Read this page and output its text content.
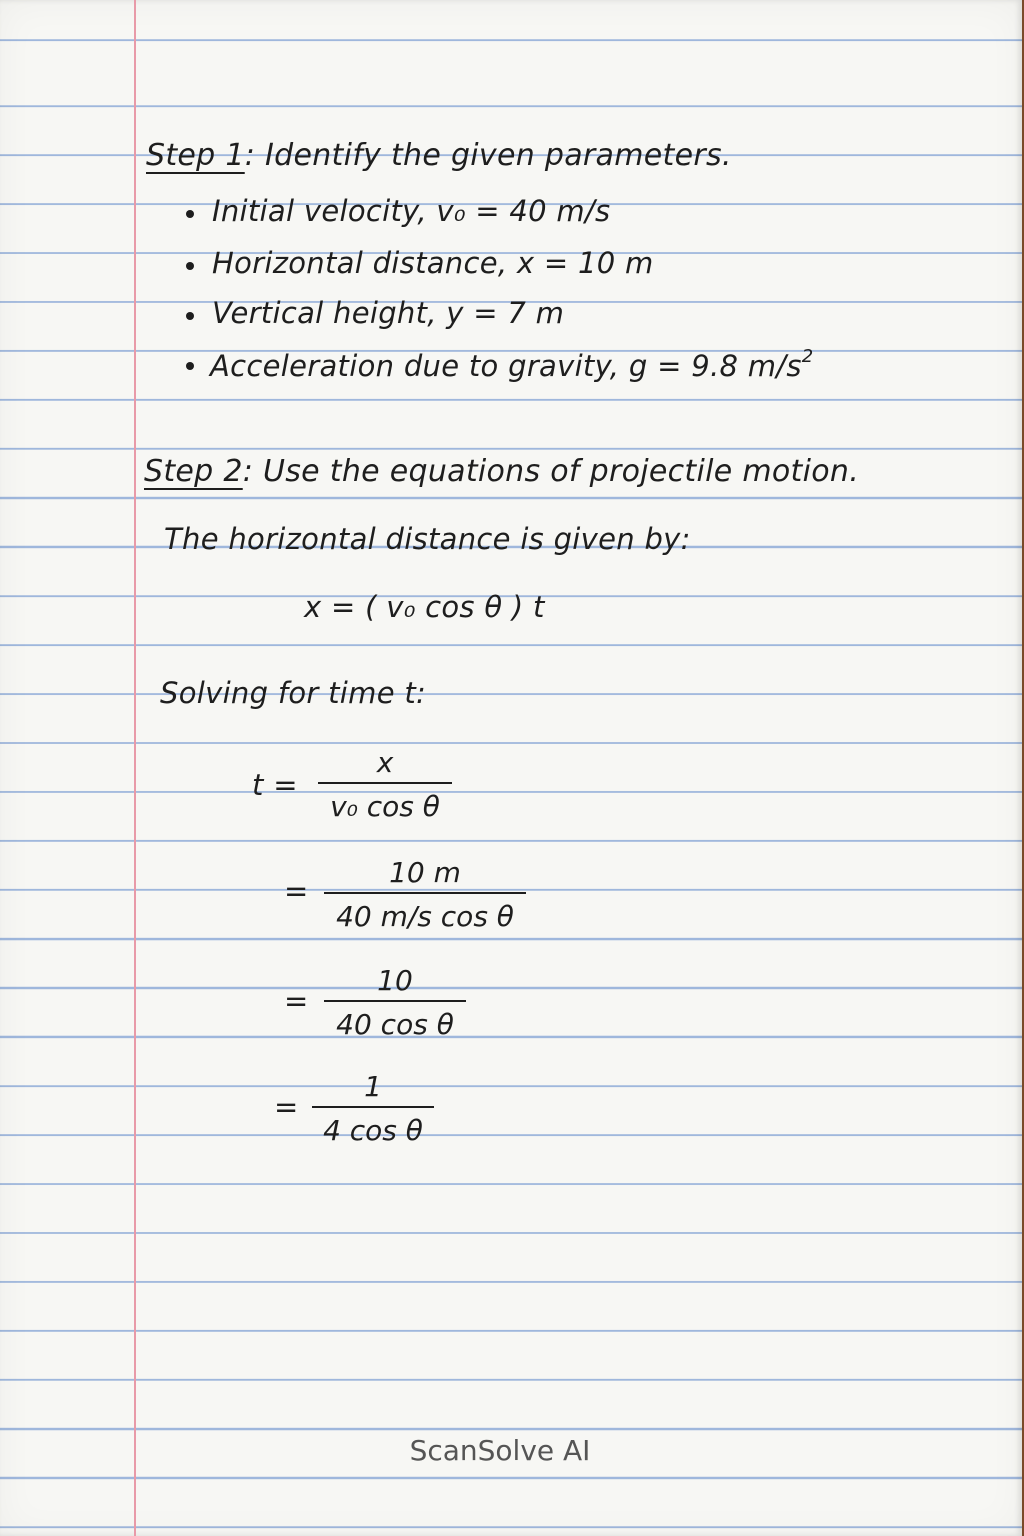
Step 1: Identify the given parameters.
Initial velocity, v₀ = 40 m/s
Horizontal distance, x = 10 m
Vertical height, y = 7 m
Acceleration due to gravity, g = 9.8 $m/s^2$
Step 2: Use the equations of projectile motion.
The horizontal distance is given by:
x = ( v₀ cos θ ) t
Solving for time t:
t =
x
v₀ cos θ
=
10 m
40 m/s cos θ
=
10
40 cos θ
=
1
4 cos θ
ScanSolve AI
